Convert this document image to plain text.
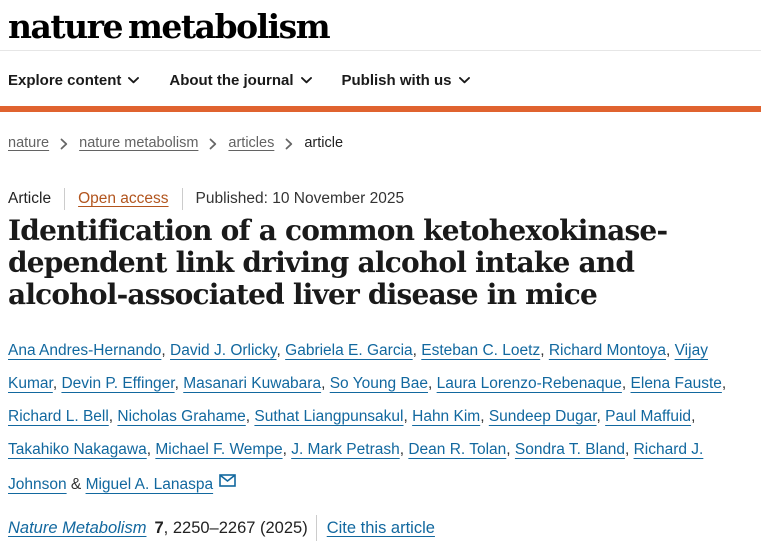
nature metabolism
Explore content	About the journal	Publish with us
nature nature metabolism articles article
Article Open access Published: 10 November 2025
Identification of a common ketohexokinase-dependent link driving alcohol intake and alcohol-associated liver disease in mice

Ana Andres-Hernando, David J. Orlicky, Gabriela E. Garcia, Esteban C. Loetz, Richard Montoya, Vijay Kumar, Devin P. Effinger, Masanari Kuwabara, So Young Bae, Laura Lorenzo-Rebenaque, Elena Fauste, Richard L. Bell, Nicholas Grahame, Suthat Liangpunsakul, Hahn Kim, Sundeep Dugar, Paul Maffuid, Takahiko Nakagawa, Michael F. Wempe, J. Mark Petrash, Dean R. Tolan, Sondra T. Bland, Richard J. Johnson & Miguel A. Lanaspa

Nature Metabolism 7 , 2250–2267 (2025) Cite this article
